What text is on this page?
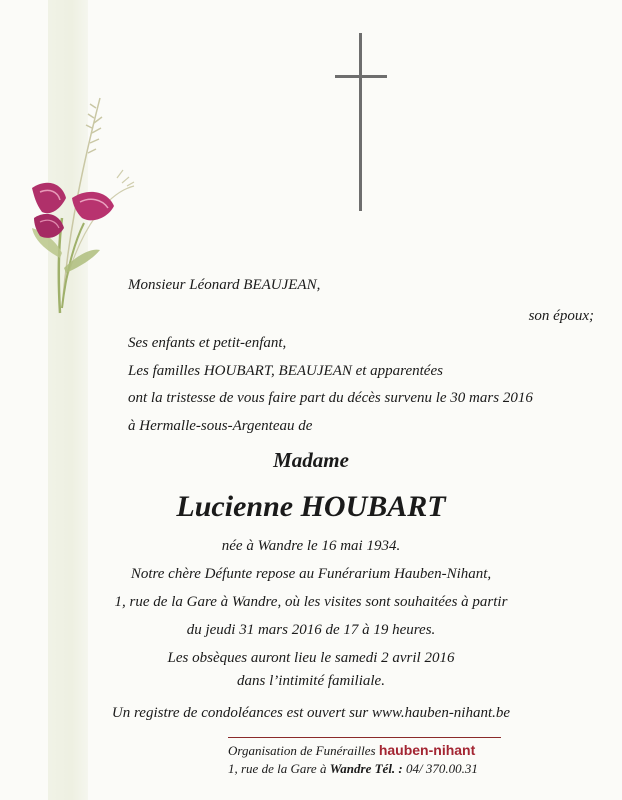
Monsieur Léonard BEAUJEAN,
son époux;
Ses enfants et petit-enfant,
Les familles HOUBART, BEAUJEAN et apparentées
ont la tristesse de vous faire part du décès survenu le 30 mars 2016
à Hermalle-sous-Argenteau de
Madame
Lucienne HOUBART
née à Wandre le 16 mai 1934.
Notre chère Défunte repose au Funérarium Hauben-Nihant,
1, rue de la Gare à Wandre, où les visites sont souhaitées à partir
du jeudi 31 mars 2016 de 17 à 19 heures.
Les obsèques auront lieu le samedi 2 avril 2016
dans l’intimité familiale.
Un registre de condoléances est ouvert sur www.hauben-nihant.be
Organisation de Funérailles hauben-nihant
1, rue de la Gare à Wandre Tél. : 04/ 370.00.31
